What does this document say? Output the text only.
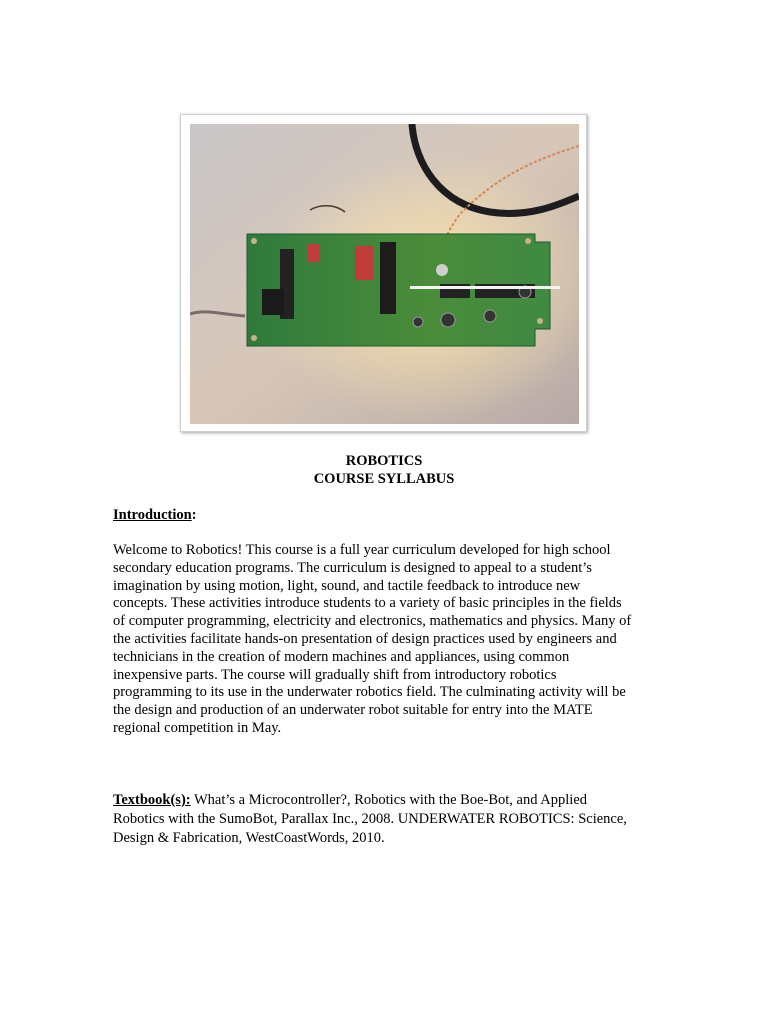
ROBOTICS
COURSE SYLLABUS
Introduction:
Welcome to Robotics! This course is a full year curriculum developed for high school
secondary education programs. The curriculum is designed to appeal to a student’s
imagination by using motion, light, sound, and tactile feedback to introduce new
concepts. These activities introduce students to a variety of basic principles in the fields
of computer programming, electricity and electronics, mathematics and physics. Many of
the activities facilitate hands-on presentation of design practices used by engineers and
technicians in the creation of modern machines and appliances, using common
inexpensive parts. The course will gradually shift from introductory robotics
programming to its use in the underwater robotics field. The culminating activity will be
the design and production of an underwater robot suitable for entry into the MATE
regional competition in May.
Textbook(s): What’s a Microcontroller?, Robotics with the Boe-Bot, and Applied
Robotics with the SumoBot, Parallax Inc., 2008. UNDERWATER ROBOTICS: Science,
Design & Fabrication, WestCoastWords, 2010.
